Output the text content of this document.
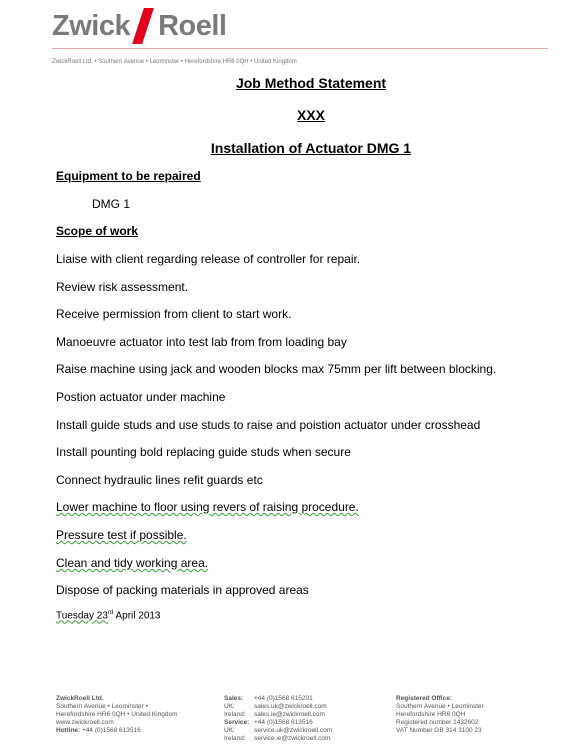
Zwick Roell
ZwickRoell Ltd. • Southern Avenue • Leominster • Herefordshire HR6 0QH • United Kingdom
Job Method Statement
XXX
Installation of Actuator DMG 1
Equipment to be repaired
DMG 1
Scope of work
Liaise with client regarding release of controller for repair.
Review risk assessment.
Receive permission from client to start work.
Manoeuvre actuator into test lab from from loading bay
Raise machine using jack and wooden blocks max 75mm per lift between blocking.
Postion actuator under machine
Install guide studs and use studs to raise and poistion actuator under crosshead
Install pounting bold replacing guide studs when secure
Connect hydraulic lines refit guards etc
Lower machine to floor using revers of raising procedure.
Pressure test if possible.
Clean and tidy working area.
Dispose of packing materials in approved areas
Tuesday 23rd April 2013
ZwickRoell Ltd.
Southern Avenue • Leominster •
Herefordshire HR6 0QH • United Kingdom
www.zwickroell.com
Hotline: +44 (0)1568 613516
Sales:	+44 (0)1568 615201
UK:	sales.uk@zwickroell.com
Ireland:	sales.ie@zwickroell.com
Service: +44 (0)1568 613516
UK:	service.uk@zwickroell.com
Ireland:	service.ie@zwickroell.com
Registered Office:
Southern Avenue • Leominster
Herefordshire HR6 0QH
Registered number 1432602
VAT Number GB 314 3100 23
